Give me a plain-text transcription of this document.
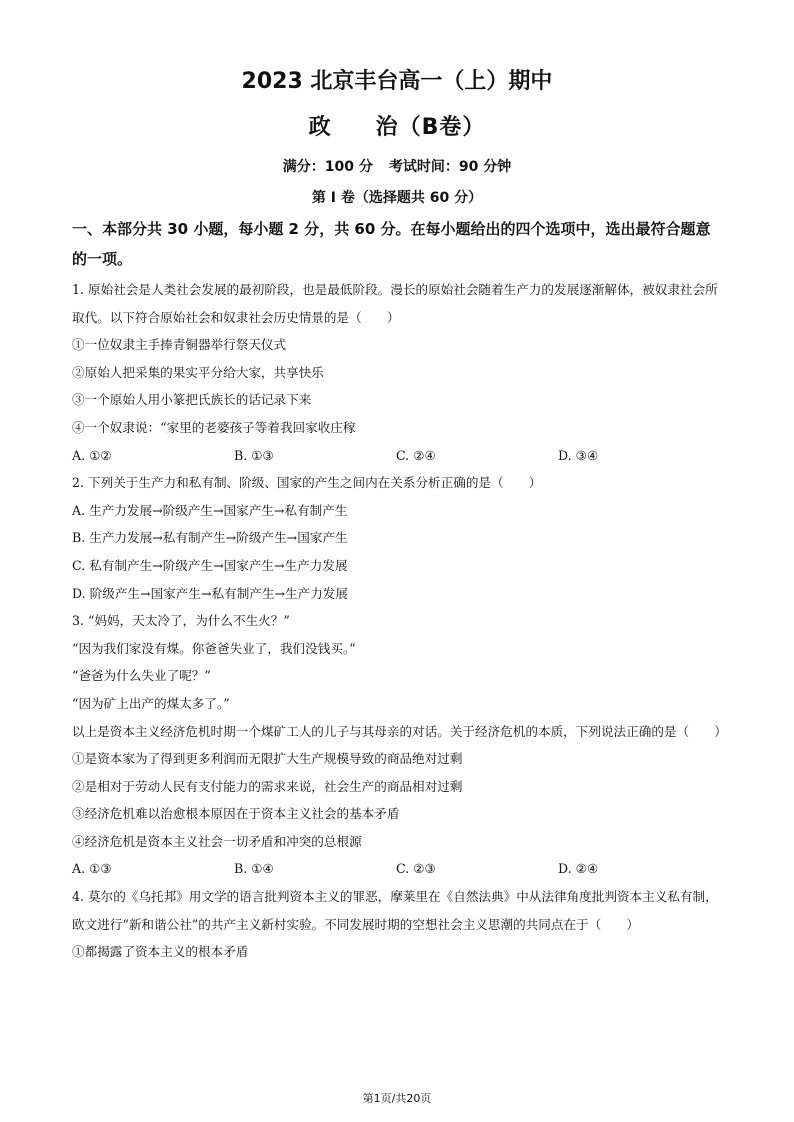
2023 北京丰台高一（上）期中
政 治（B卷）
满分：100 分 考试时间：90 分钟
第 I 卷（选择题共 60 分）
一、本部分共 30 小题，每小题 2 分，共 60 分。在每小题给出的四个选项中，选出最符合题意的一项。
1. 原始社会是人类社会发展的最初阶段，也是最低阶段。漫长的原始社会随着生产力的发展逐渐解体，被奴隶社会所取代。以下符合原始社会和奴隶社会历史情景的是（　　）
①一位奴隶主手捧青铜器举行祭天仪式
②原始人把采集的果实平分给大家，共享快乐
③一个原始人用小篆把氏族长的话记录下来
④一个奴隶说：“家里的老婆孩子等着我回家收庄稼
A. ①②	B. ①③	C. ②④	D. ③④
2. 下列关于生产力和私有制、阶级、国家的产生之间内在关系分析正确的是（　　）
A. 生产力发展→阶级产生→国家产生→私有制产生
B. 生产力发展→私有制产生→阶级产生→国家产生
C. 私有制产生→阶级产生→国家产生→生产力发展
D. 阶级产生→国家产生→私有制产生→生产力发展
3. “妈妈，天太冷了，为什么不生火？”
“因为我们家没有煤。你爸爸失业了，我们没钱买。”
“爸爸为什么失业了呢？”
“因为矿上出产的煤太多了。”
以上是资本主义经济危机时期一个煤矿工人的儿子与其母亲的对话。关于经济危机的本质，下列说法正确的是（　　）
①是资本家为了得到更多利润而无限扩大生产规模导致的商品绝对过剩
②是相对于劳动人民有支付能力的需求来说，社会生产的商品相对过剩
③经济危机难以治愈根本原因在于资本主义社会的基本矛盾
④经济危机是资本主义社会一切矛盾和冲突的总根源
A. ①③	B. ①④	C. ②③	D. ②④
4. 莫尔的《乌托邦》用文学的语言批判资本主义的罪恶，摩莱里在《自然法典》中从法律角度批判资本主义私有制，欧文进行“新和谐公社”的共产主义新村实验。不同发展时期的空想社会主义思潮的共同点在于（　　）
①都揭露了资本主义的根本矛盾
第1页/共20页
